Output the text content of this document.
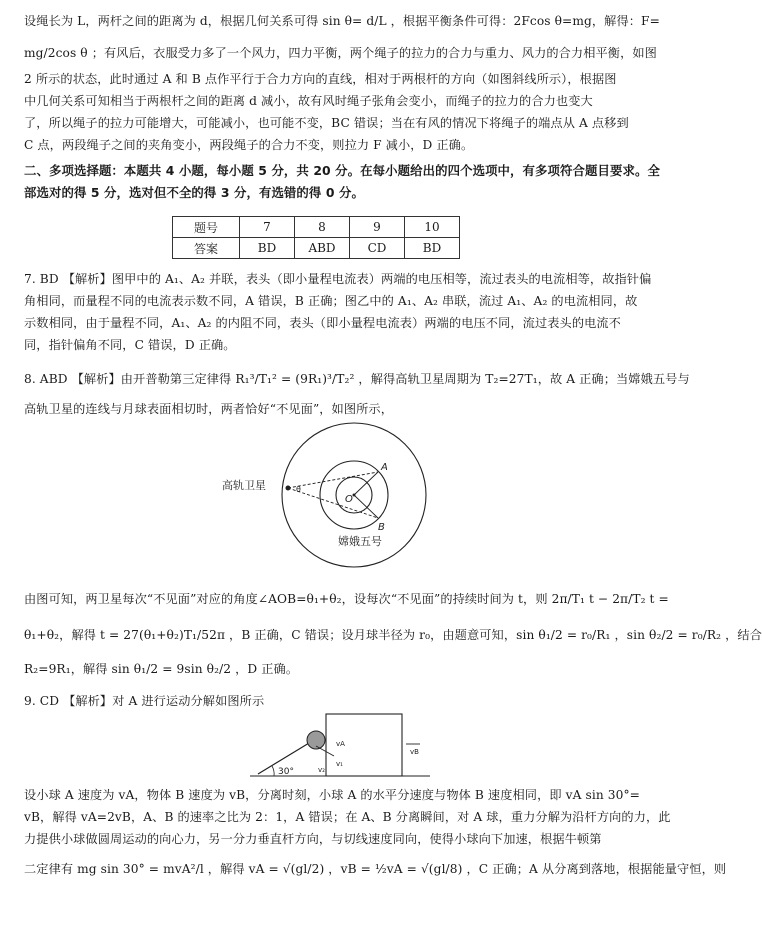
设绳长为 L，两杆之间的距离为 d，根据几何关系可得 sin θ= d/L ，根据平衡条件可得：2Fcos θ=mg，解得：F=
mg/2cos θ ；有风后，衣服受力多了一个风力，四力平衡，两个绳子的拉力的合力与重力、风力的合力相平衡，如图
2 所示的状态，此时通过 A 和 B 点作平行于合力方向的直线，相对于两根杆的方向（如图斜线所示），根据图
中几何关系可知相当于两根杆之间的距离 d 减小，故有风时绳子张角会变小，而绳子的拉力的合力也变大
了，所以绳子的拉力可能增大，可能减小，也可能不变，BC 错误；当在有风的情况下将绳子的端点从 A 点移到
C 点，两段绳子之间的夹角变小，两段绳子的合力不变，则拉力 F 减小，D 正确。
二、多项选择题：本题共 4 小题，每小题 5 分，共 20 分。在每小题给出的四个选项中，有多项符合题目要求。全
部选对的得 5 分，选对但不全的得 3 分，有选错的得 0 分。
题号	7	8	9	10
答案	BD	ABD	CD	BD
7. BD 【解析】图甲中的 A₁、A₂ 并联，表头（即小量程电流表）两端的电压相等，流过表头的电流相等，故指针偏
角相同，而量程不同的电流表示数不同，A 错误，B 正确；图乙中的 A₁、A₂ 串联，流过 A₁、A₂ 的电流相同，故
示数相同，由于量程不同，A₁、A₂ 的内阻不同，表头（即小量程电流表）两端的电压不同，流过表头的电流不
同，指针偏角不同，C 错误，D 正确。
8. ABD 【解析】由开普勒第三定律得 R₁³/T₁² = (9R₁)³/T₂² ，解得高轨卫星周期为 T₂=27T₁，故 A 正确；当嫦娥五号与
高轨卫星的连线与月球表面相切时，两者恰好“不见面”，如图所示，
高轨卫星
嫦娥五号
A
B
O
θ
由图可知，两卫星每次“不见面”对应的角度∠AOB=θ₁+θ₂，设每次“不见面”的持续时间为 t，则 2π/T₁ t − 2π/T₂ t =
θ₁+θ₂，解得 t = 27(θ₁+θ₂)T₁/52π ，B 正确，C 错误；设月球半径为 r₀，由题意可知，sin θ₁/2 = r₀/R₁ ，sin θ₂/2 = r₀/R₂ ，结合
R₂=9R₁，解得 sin θ₁/2 = 9sin θ₂/2 ，D 正确。
9. CD 【解析】对 A 进行运动分解如图所示
30°
vA
vB
v₁
v₂
设小球 A 速度为 vA，物体 B 速度为 vB，分离时刻，小球 A 的水平分速度与物体 B 速度相同，即 vA sin 30°=
vB，解得 vA=2vB，A、B 的速率之比为 2：1，A 错误；在 A、B 分离瞬间，对 A 球，重力分解为沿杆方向的力，此
力提供小球做圆周运动的向心力，另一分力垂直杆方向，与切线速度同向，使得小球向下加速，根据牛顿第
二定律有 mg sin 30° = mvA²/l ，解得 vA = √(gl/2) ，vB = ½vA = √(gl/8) ，C 正确；A 从分离到落地，根据能量守恒，则
